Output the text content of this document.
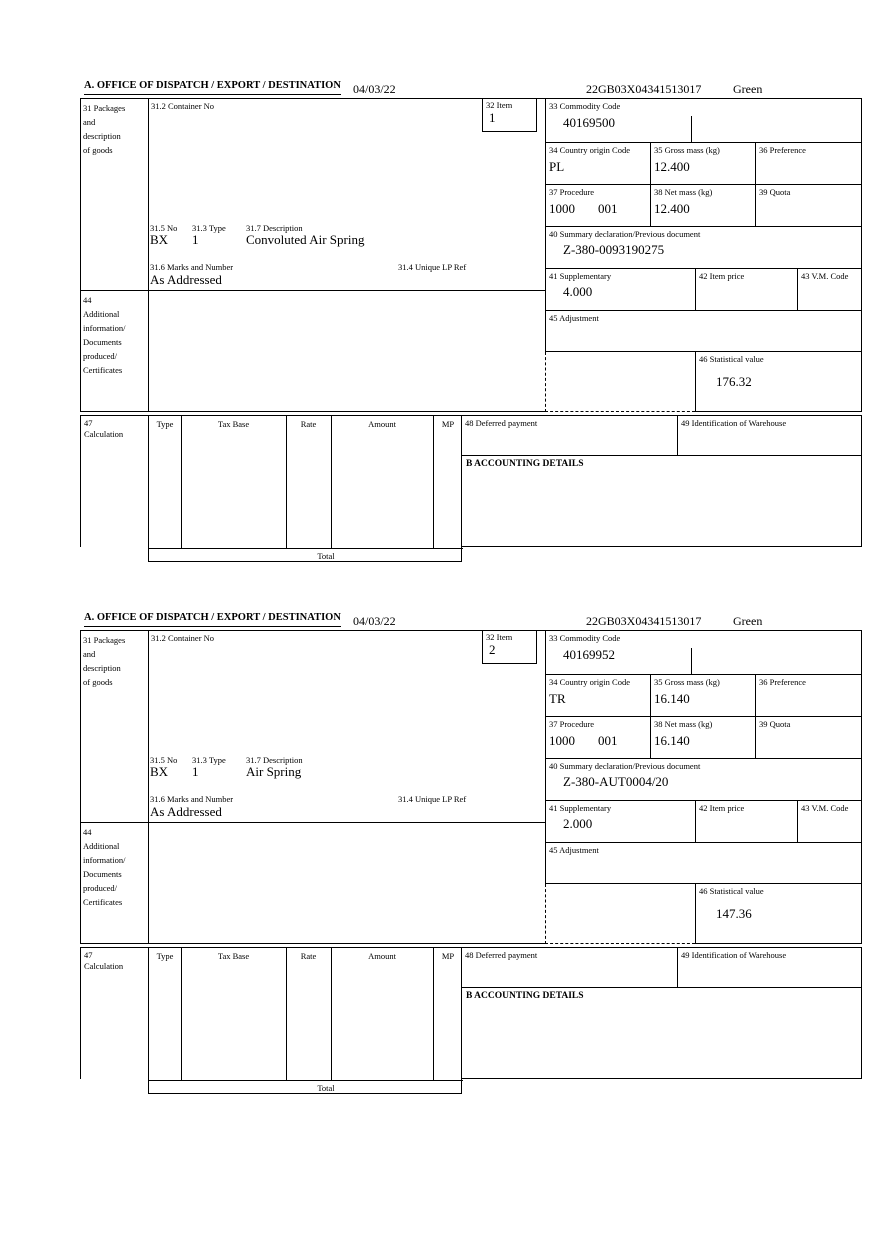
A. OFFICE OF DISPATCH / EXPORT / DESTINATION 04/03/22	22GB03X04341513017	Green
31 Packages
and
description
of goods
31.2 Container No	32 Item
1
31.5 No 31.3 Type 31.7 Description
BX 1	Convoluted Air Spring
31.6 Marks and Number	31.4 Unique LP Ref
As Addressed
44
Additional
information/
Documents
produced/
Certificates
33 Commodity Code
40169500
34 Country origin Code
PL
35 Gross mass (kg)
12.400
36 Preference
37 Procedure
1000 001
38 Net mass (kg)
12.400
39 Quota
40 Summary declaration/Previous document
Z-380-0093190275
41 Supplementary
4.000
42 Item price	43 V.M. Code
45 Adjustment
46 Statistical value
176.32
47
Calculation
Type	Tax Base	Rate	Amount	MP
Total
48 Deferred payment	49 Identification of Warehouse
B ACCOUNTING DETAILS
A. OFFICE OF DISPATCH / EXPORT / DESTINATION 04/03/22	22GB03X04341513017	Green
31 Packages
and
description
of goods
31.2 Container No	32 Item
2
31.5 No 31.3 Type 31.7 Description
BX 1	Air Spring
31.6 Marks and Number	31.4 Unique LP Ref
As Addressed
44
Additional
information/
Documents
produced/
Certificates
33 Commodity Code
40169952
34 Country origin Code
TR
35 Gross mass (kg)
16.140
36 Preference
37 Procedure
1000 001
38 Net mass (kg)
16.140
39 Quota
40 Summary declaration/Previous document
Z-380-AUT0004/20
41 Supplementary
2.000
42 Item price	43 V.M. Code
45 Adjustment
46 Statistical value
147.36
47
Calculation
Type	Tax Base	Rate	Amount	MP
Total
48 Deferred payment	49 Identification of Warehouse
B ACCOUNTING DETAILS
